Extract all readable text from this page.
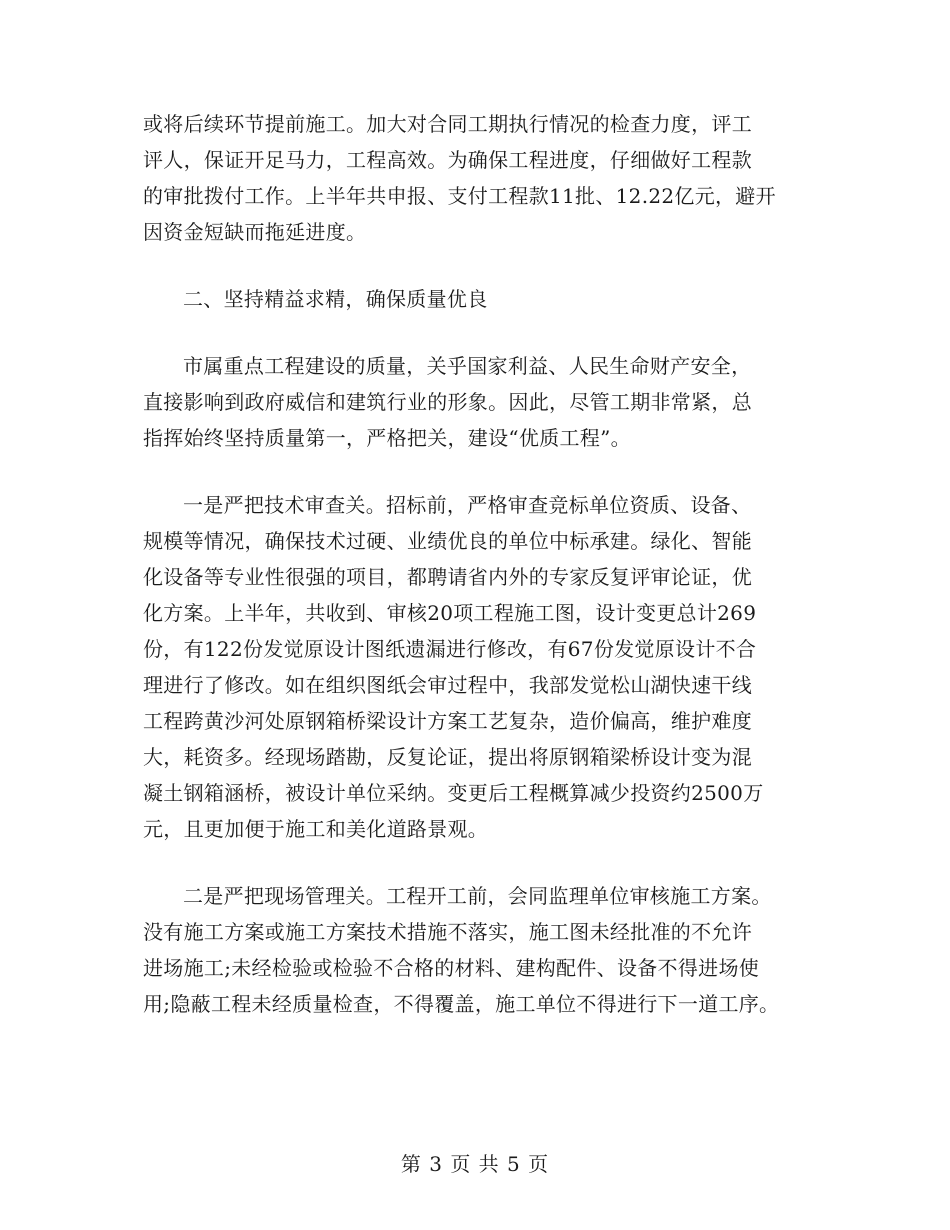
或将后续环节提前施工。加大对合同工期执行情况的检查力度，评工
评人，保证开足马力，工程高效。为确保工程进度，仔细做好工程款
的审批拨付工作。上半年共申报、支付工程款11批、12.22亿元，避开
因资金短缺而拖延进度。

二、坚持精益求精，确保质量优良

市属重点工程建设的质量，关乎国家利益、人民生命财产安全，
直接影响到政府威信和建筑行业的形象。因此，尽管工期非常紧，总
指挥始终坚持质量第一，严格把关，建设“优质工程”。

一是严把技术审查关。招标前，严格审查竞标单位资质、设备、
规模等情况，确保技术过硬、业绩优良的单位中标承建。绿化、智能
化设备等专业性很强的项目，都聘请省内外的专家反复评审论证，优
化方案。上半年，共收到、审核20项工程施工图，设计变更总计269
份，有122份发觉原设计图纸遗漏进行修改，有67份发觉原设计不合
理进行了修改。如在组织图纸会审过程中，我部发觉松山湖快速干线
工程跨黄沙河处原钢箱桥梁设计方案工艺复杂，造价偏高，维护难度
大，耗资多。经现场踏勘，反复论证，提出将原钢箱梁桥设计变为混
凝土钢箱涵桥，被设计单位采纳。变更后工程概算减少投资约2500万
元，且更加便于施工和美化道路景观。

二是严把现场管理关。工程开工前，会同监理单位审核施工方案。
没有施工方案或施工方案技术措施不落实，施工图未经批准的不允许
进场施工;未经检验或检验不合格的材料、建构配件、设备不得进场使
用;隐蔽工程未经质量检查，不得覆盖，施工单位不得进行下一道工序。

第 3 页 共 5 页
